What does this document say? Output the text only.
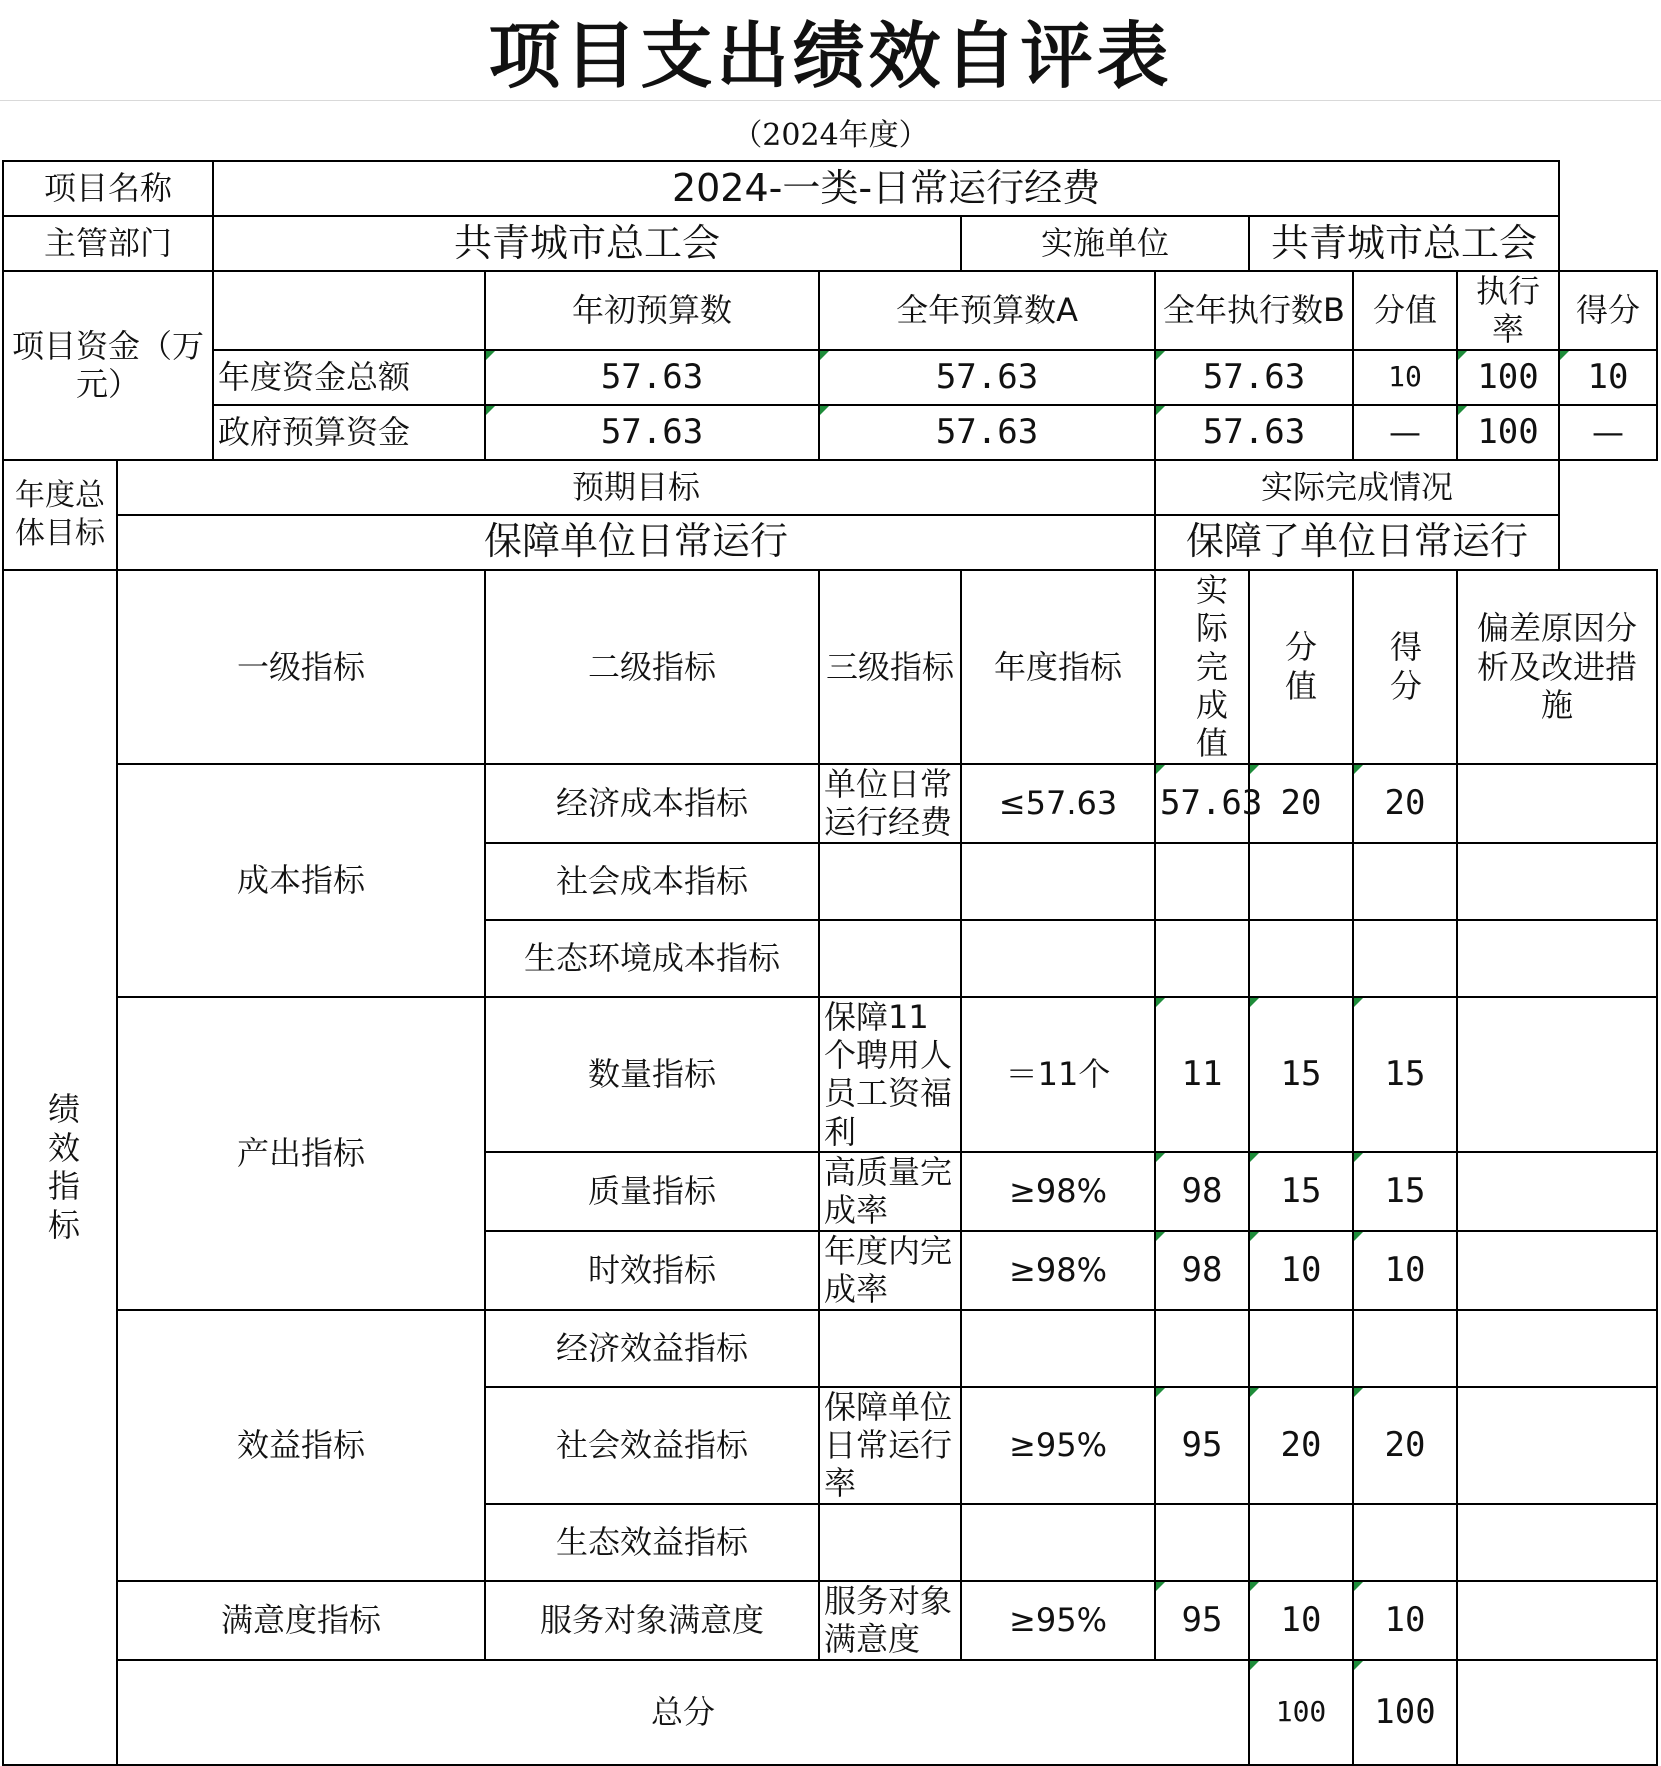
项目支出绩效自评表
（2024年度）
项目名称		2024-一类-日常运行经费								
主管部门		共青城市总工会			实施单位		共青城市总工会			
项目资金（万元）			年初预算数	全年预算数A		全年执行数B		分值	执行率	得分
		年度资金总额	57.63	57.63		57.63		10	100	10
		政府预算资金	57.63	57.63		57.63		—	100	—
年度总体目标	预期目标					实际完成情况				
	保障单位日常运行					保障了单位日常运行				
绩效指标	一级指标		二级指标	三级指标	年度指标	实际完成值	分值	得分	偏差原因分析及改进措施	
	成本指标		经济成本指标	单位日常运行经费	≤57.63	57.63	20	20		
			社会成本指标							
			生态环境成本指标							
	产出指标		数量指标	保障11个聘用人员工资福利	＝11个	11	15	15		
			质量指标	高质量完成率	≥98%	98	15	15		
			时效指标	年度内完成率	≥98%	98	10	10		
	效益指标		经济效益指标							
			社会效益指标	保障单位日常运行率	≥95%	95	20	20		
			生态效益指标							
	满意度指标		服务对象满意度	服务对象满意度	≥95%	95	10	10		
	总分						100	100		
